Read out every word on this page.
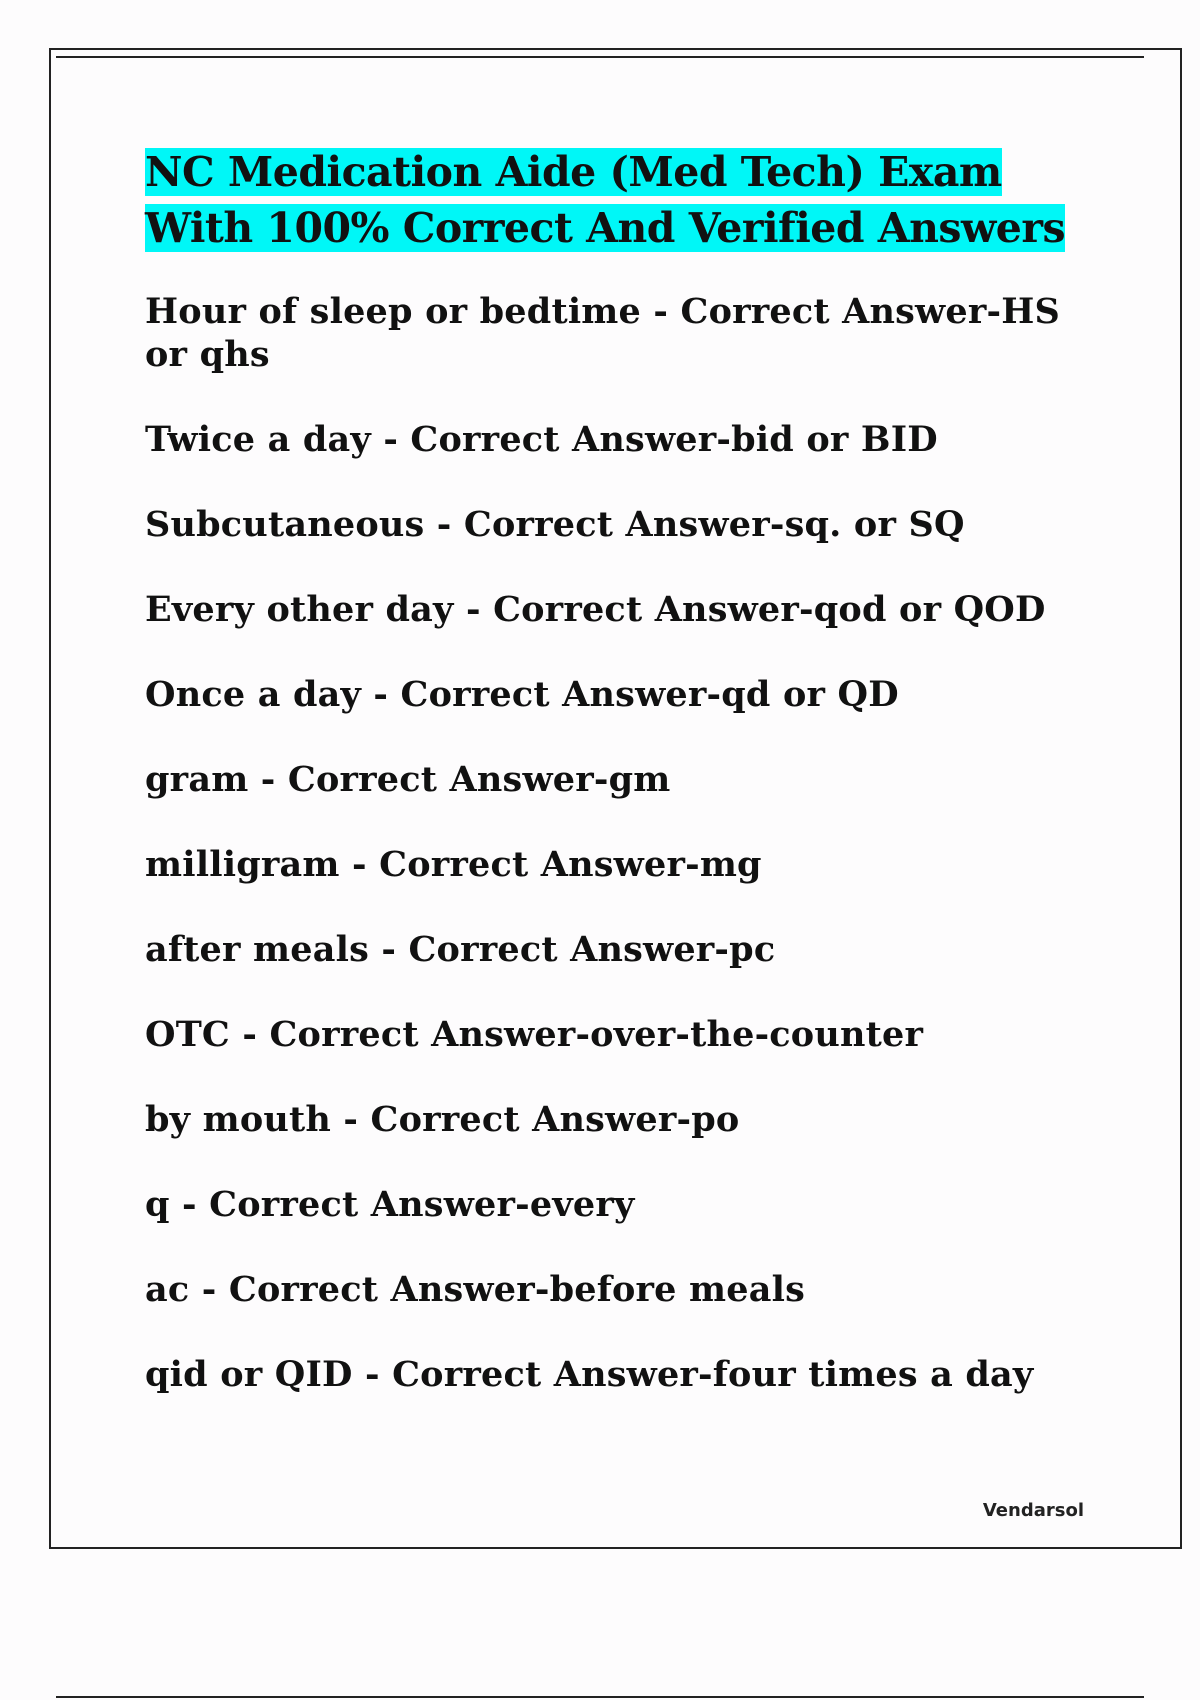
NC Medication Aide (Med Tech) Exam With 100% Correct And Verified Answers
Hour of sleep or bedtime - Correct Answer-HS or qhs
Twice a day - Correct Answer-bid or BID
Subcutaneous - Correct Answer-sq. or SQ
Every other day - Correct Answer-qod or QOD
Once a day - Correct Answer-qd or QD
gram - Correct Answer-gm
milligram - Correct Answer-mg
after meals - Correct Answer-pc
OTC - Correct Answer-over-the-counter
by mouth - Correct Answer-po
q - Correct Answer-every
ac - Correct Answer-before meals
qid or QID - Correct Answer-four times a day
Vendarsol
